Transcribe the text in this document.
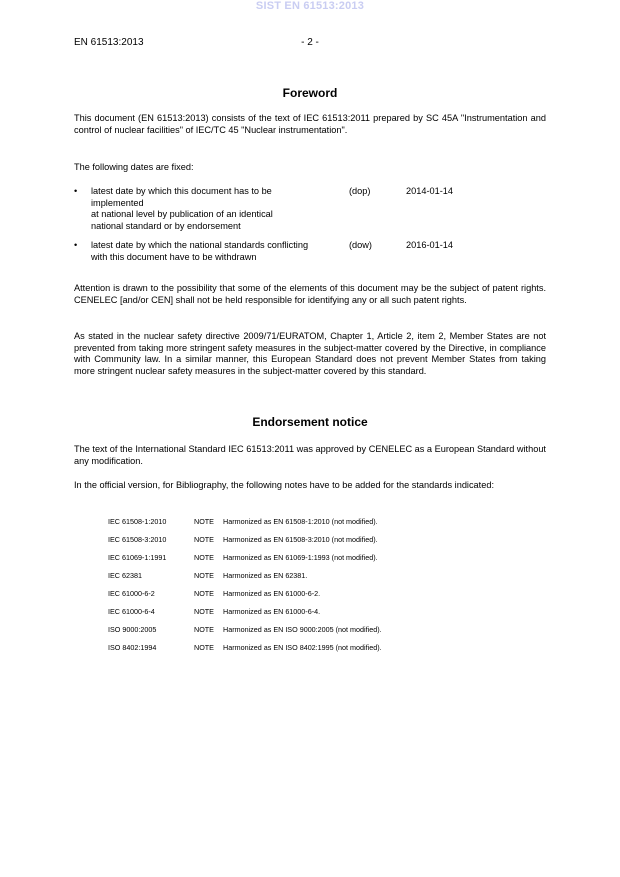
SIST EN 61513:2013
EN 61513:2013	- 2 -

Foreword

This document (EN 61513:2013) consists of the text of IEC 61513:2011 prepared by SC 45A "Instrumentation and control of nuclear facilities" of IEC/TC 45 "Nuclear instrumentation".

The following dates are fixed:

• latest date by which this document has to be
implemented
at national level by publication of an identical
national standard or by endorsement
(dop)	2014-01-14
• latest date by which the national standards conflicting
with this document have to be withdrawn
(dow)	2016-01-14

Attention is drawn to the possibility that some of the elements of this document may be the subject of patent rights. CENELEC [and/or CEN] shall not be held responsible for identifying any or all such patent rights.

As stated in the nuclear safety directive 2009/71/EURATOM, Chapter 1, Article 2, item 2, Member States are not prevented from taking more stringent safety measures in the subject-matter covered by the Directive, in compliance with Community law. In a similar manner, this European Standard does not prevent Member States from taking more stringent nuclear safety measures in the subject-matter covered by this standard.

Endorsement notice

The text of the International Standard IEC 61513:2011 was approved by CENELEC as a European Standard without any modification.

In the official version, for Bibliography, the following notes have to be added for the standards indicated:

IEC 61508-1:2010	NOTE Harmonized as EN 61508-1:2010 (not modified).
IEC 61508-3:2010	NOTE Harmonized as EN 61508-3:2010 (not modified).
IEC 61069-1:1991	NOTE Harmonized as EN 61069-1:1993 (not modified).
IEC 62381	NOTE Harmonized as EN 62381.
IEC 61000-6-2	NOTE Harmonized as EN 61000-6-2.
IEC 61000-6-4	NOTE Harmonized as EN 61000-6-4.
ISO 9000:2005	NOTE Harmonized as EN ISO 9000:2005 (not modified).
ISO 8402:1994	NOTE Harmonized as EN ISO 8402:1995 (not modified).
